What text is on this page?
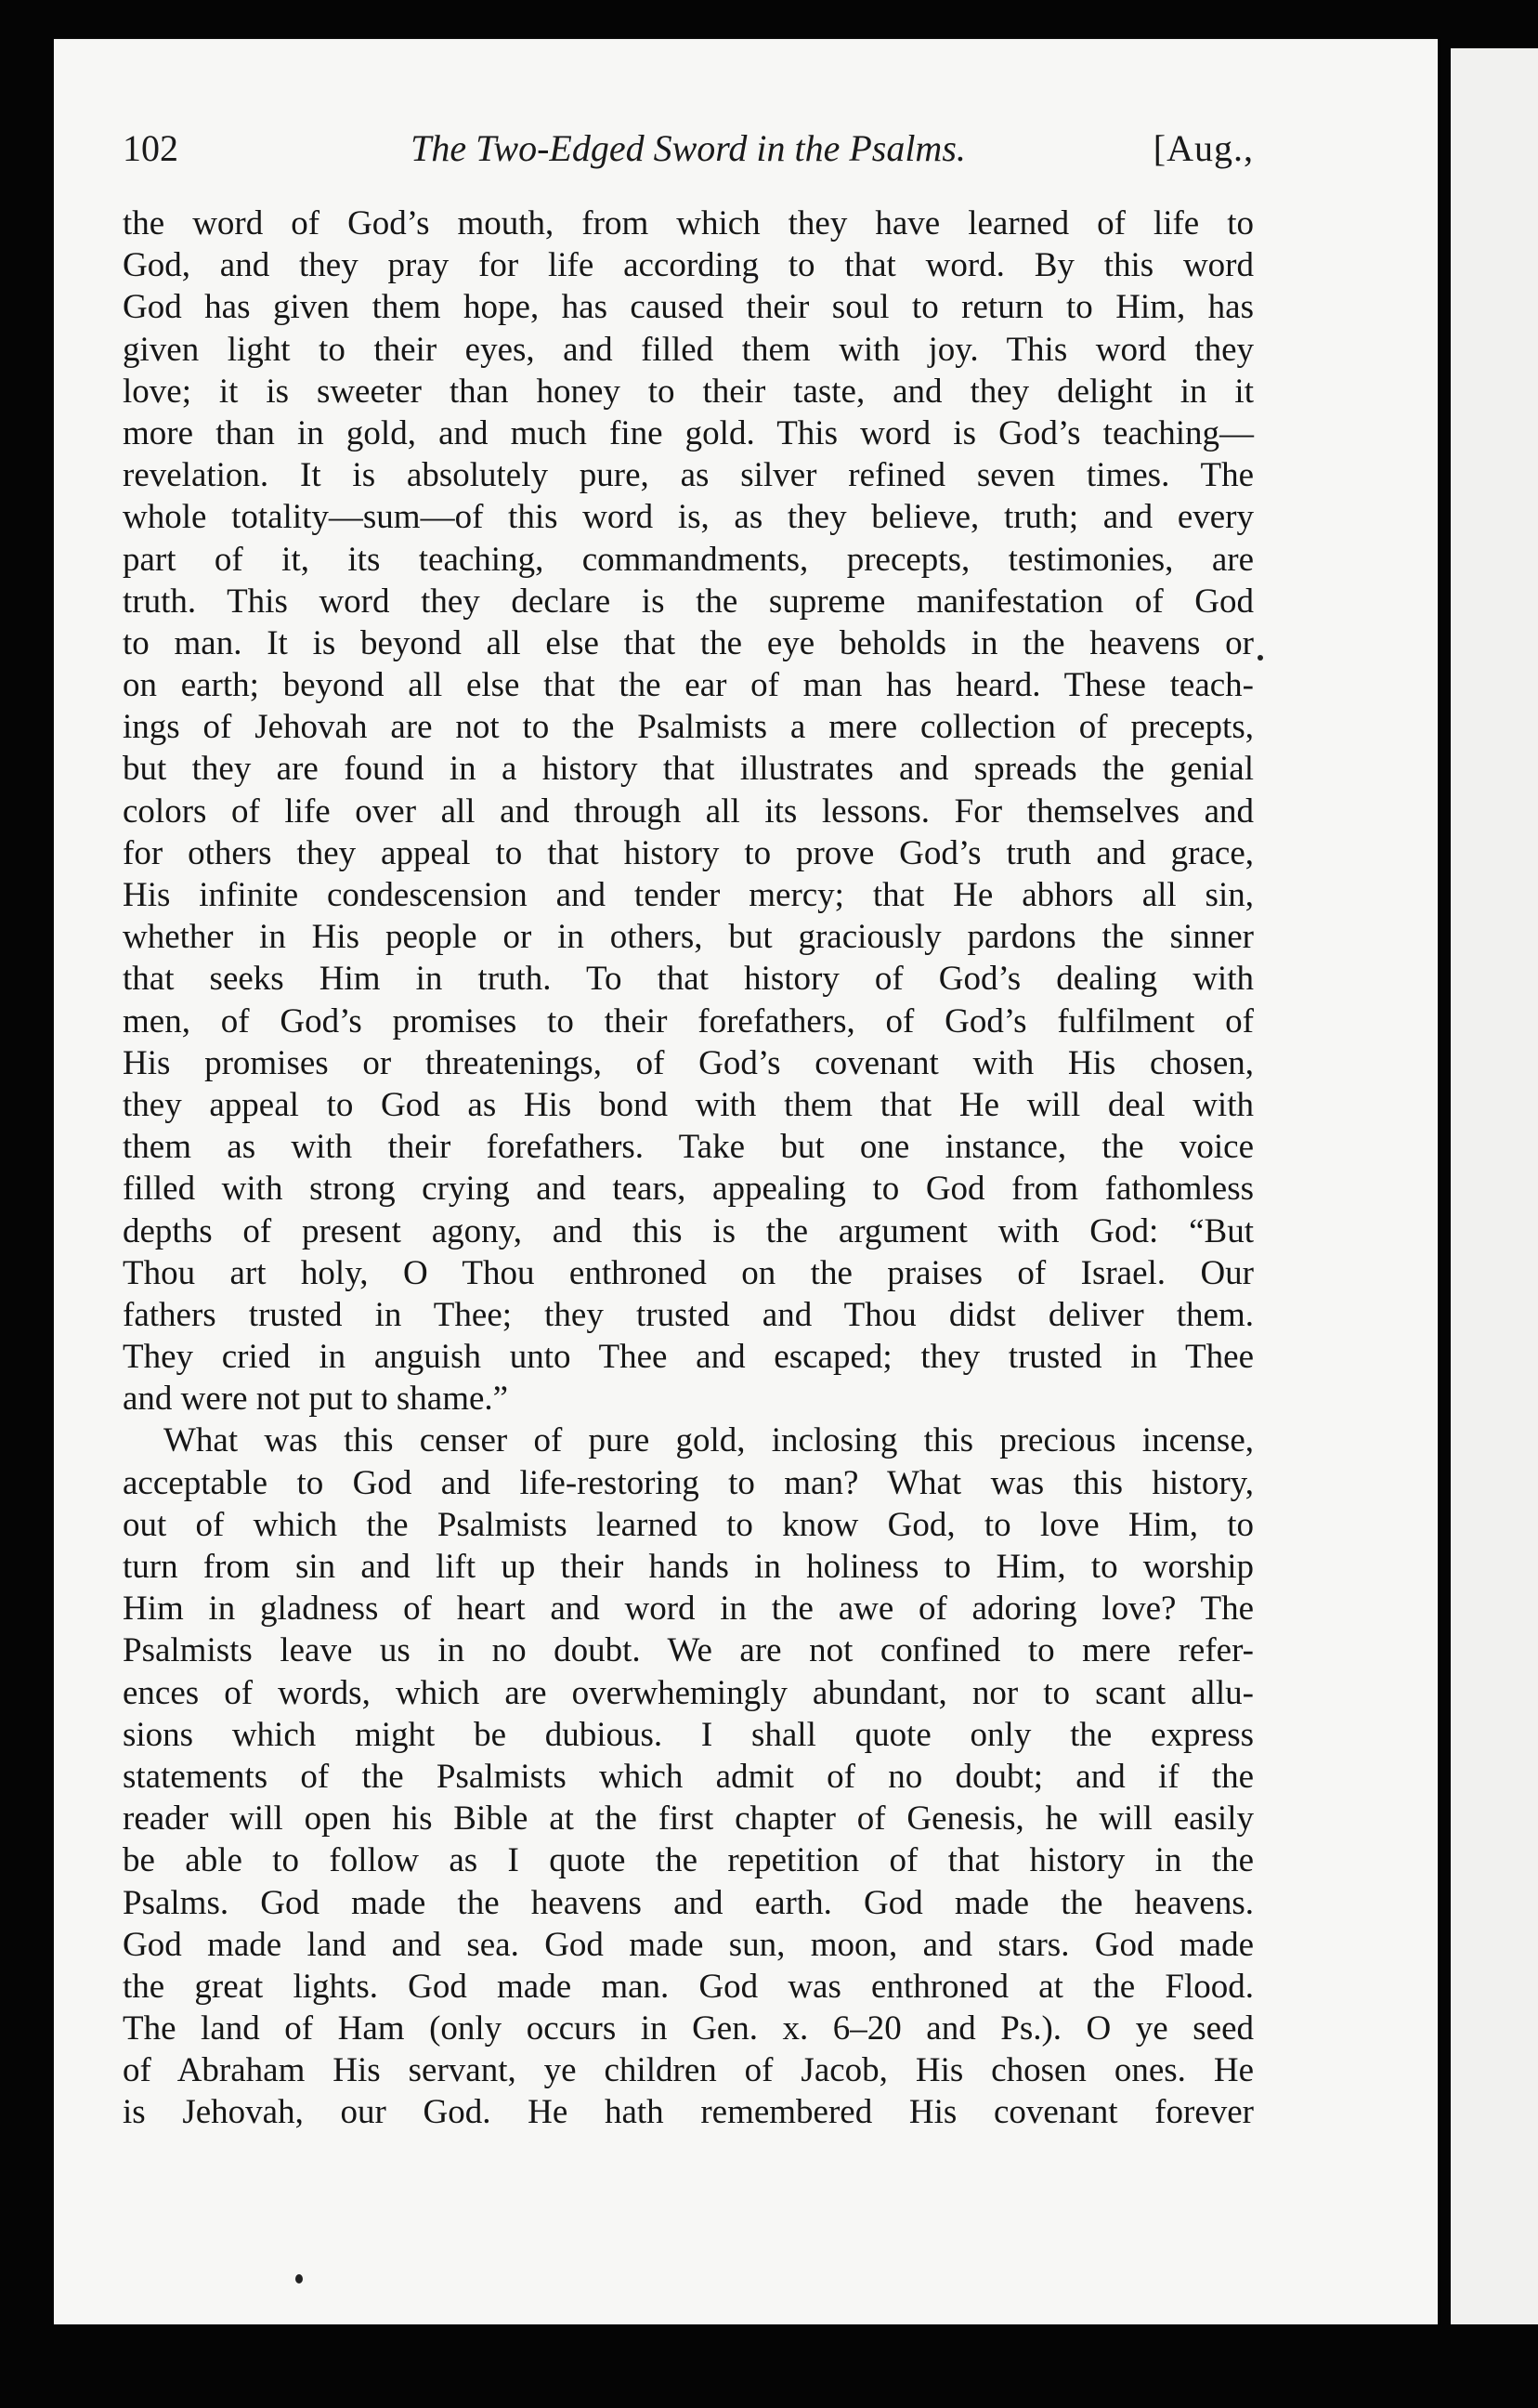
102	The Two-Edged Sword in the Psalms.	[Aug.,
the word of God’s mouth, from which they have learned of life to
God, and they pray for life according to that word. By this word
God has given them hope, has caused their soul to return to Him, has
given light to their eyes, and filled them with joy. This word they
love; it is sweeter than honey to their taste, and they delight in it
more than in gold, and much fine gold. This word is God’s teaching—
revelation. It is absolutely pure, as silver refined seven times. The
whole totality—sum—of this word is, as they believe, truth; and every
part of it, its teaching, commandments, precepts, testimonies, are
truth. This word they declare is the supreme manifestation of God
to man. It is beyond all else that the eye beholds in the heavens or
on earth; beyond all else that the ear of man has heard. These teach-
ings of Jehovah are not to the Psalmists a mere collection of precepts,
but they are found in a history that illustrates and spreads the genial
colors of life over all and through all its lessons. For themselves and
for others they appeal to that history to prove God’s truth and grace,
His infinite condescension and tender mercy; that He abhors all sin,
whether in His people or in others, but graciously pardons the sinner
that seeks Him in truth. To that history of God’s dealing with
men, of God’s promises to their forefathers, of God’s fulfilment of
His promises or threatenings, of God’s covenant with His chosen,
they appeal to God as His bond with them that He will deal with
them as with their forefathers. Take but one instance, the voice
filled with strong crying and tears, appealing to God from fathomless
depths of present agony, and this is the argument with God: “But
Thou art holy, O Thou enthroned on the praises of Israel. Our
fathers trusted in Thee; they trusted and Thou didst deliver them.
They cried in anguish unto Thee and escaped; they trusted in Thee
and were not put to shame.”
What was this censer of pure gold, inclosing this precious incense,
acceptable to God and life-restoring to man? What was this history,
out of which the Psalmists learned to know God, to love Him, to
turn from sin and lift up their hands in holiness to Him, to worship
Him in gladness of heart and word in the awe of adoring love? The
Psalmists leave us in no doubt. We are not confined to mere refer-
ences of words, which are overwhemingly abundant, nor to scant allu-
sions which might be dubious. I shall quote only the express
statements of the Psalmists which admit of no doubt; and if the
reader will open his Bible at the first chapter of Genesis, he will easily
be able to follow as I quote the repetition of that history in the
Psalms. God made the heavens and earth. God made the heavens.
God made land and sea. God made sun, moon, and stars. God made
the great lights. God made man. God was enthroned at the Flood.
The land of Ham (only occurs in Gen. x. 6–20 and Ps.). O ye seed
of Abraham His servant, ye children of Jacob, His chosen ones. He
is Jehovah, our God. He hath remembered His covenant forever
